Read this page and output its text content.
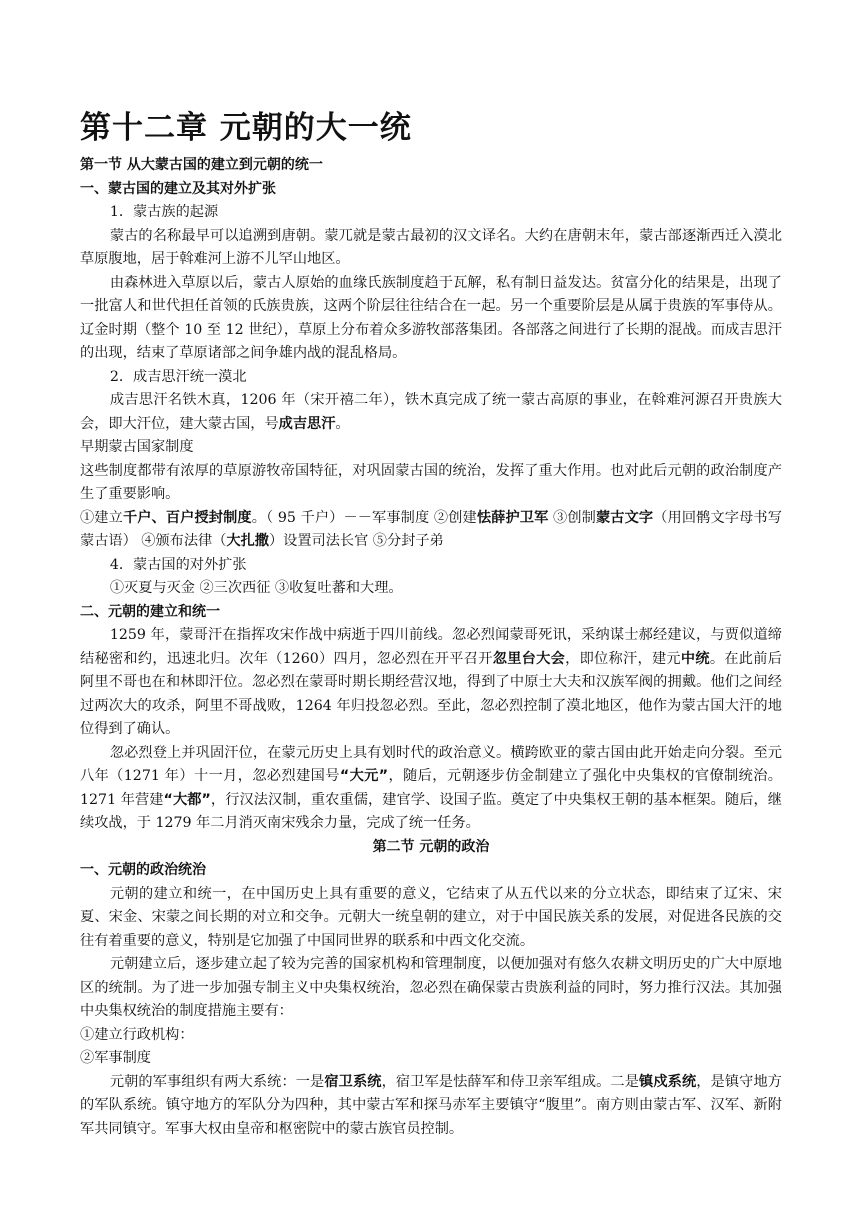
第十二章 元朝的大一统

第一节 从大蒙古国的建立到元朝的统一

一、蒙古国的建立及其对外扩张

1．蒙古族的起源

蒙古的名称最早可以追溯到唐朝。蒙兀就是蒙古最初的汉文译名。大约在唐朝末年，蒙古部逐渐西迁入漠北草原腹地，居于斡难河上游不儿罕山地区。

由森林进入草原以后，蒙古人原始的血缘氏族制度趋于瓦解，私有制日益发达。贫富分化的结果是，出现了一批富人和世代担任首领的氏族贵族，这两个阶层往往结合在一起。另一个重要阶层是从属于贵族的军事侍从。辽金时期（整个 10 至 12 世纪），草原上分布着众多游牧部落集团。各部落之间进行了长期的混战。而成吉思汗的出现，结束了草原诸部之间争雄内战的混乱格局。

2．成吉思汗统一漠北

成吉思汗名铁木真，1206 年（宋开禧二年），铁木真完成了统一蒙古高原的事业，在斡难河源召开贵族大会，即大汗位，建大蒙古国，号成吉思汗。

早期蒙古国家制度

这些制度都带有浓厚的草原游牧帝国特征，对巩固蒙古国的统治，发挥了重大作用。也对此后元朝的政治制度产生了重要影响。

①建立千户、百户授封制度。（ 95 千户）－－军事制度 ②创建怯薛护卫军 ③创制蒙古文字（用回鹘文字母书写蒙古语） ④颁布法律（大扎撒）设置司法长官 ⑤分封子弟

4．蒙古国的对外扩张

①灭夏与灭金 ②三次西征 ③收复吐蕃和大理。

二、元朝的建立和统一

1259 年，蒙哥汗在指挥攻宋作战中病逝于四川前线。忽必烈闻蒙哥死讯，采纳谋士郝经建议，与贾似道缔结秘密和约，迅速北归。次年（1260）四月，忽必烈在开平召开忽里台大会，即位称汗，建元中统。在此前后阿里不哥也在和林即汗位。忽必烈在蒙哥时期长期经营汉地，得到了中原士大夫和汉族军阀的拥戴。他们之间经过两次大的攻杀，阿里不哥战败，1264 年归投忽必烈。至此，忽必烈控制了漠北地区，他作为蒙古国大汗的地位得到了确认。

忽必烈登上并巩固汗位，在蒙元历史上具有划时代的政治意义。横跨欧亚的蒙古国由此开始走向分裂。至元八年（1271 年）十一月，忽必烈建国号“大元”，随后，元朝逐步仿金制建立了强化中央集权的官僚制统治。1271 年营建“大都”，行汉法汉制，重农重儒，建官学、设国子监。奠定了中央集权王朝的基本框架。随后，继续攻战，于 1279 年二月消灭南宋残余力量，完成了统一任务。

第二节 元朝的政治

一、元朝的政治统治

元朝的建立和统一，在中国历史上具有重要的意义，它结束了从五代以来的分立状态，即结束了辽宋、宋夏、宋金、宋蒙之间长期的对立和交争。元朝大一统皇朝的建立，对于中国民族关系的发展，对促进各民族的交往有着重要的意义，特别是它加强了中国同世界的联系和中西文化交流。

元朝建立后，逐步建立起了较为完善的国家机构和管理制度，以便加强对有悠久农耕文明历史的广大中原地区的统制。为了进一步加强专制主义中央集权统治，忽必烈在确保蒙古贵族利益的同时，努力推行汉法。其加强中央集权统治的制度措施主要有：

①建立行政机构：

②军事制度

元朝的军事组织有两大系统：一是宿卫系统，宿卫军是怯薛军和侍卫亲军组成。二是镇戍系统，是镇守地方的军队系统。镇守地方的军队分为四种，其中蒙古军和探马赤军主要镇守“腹里”。南方则由蒙古军、汉军、新附军共同镇守。军事大权由皇帝和枢密院中的蒙古族官员控制。
